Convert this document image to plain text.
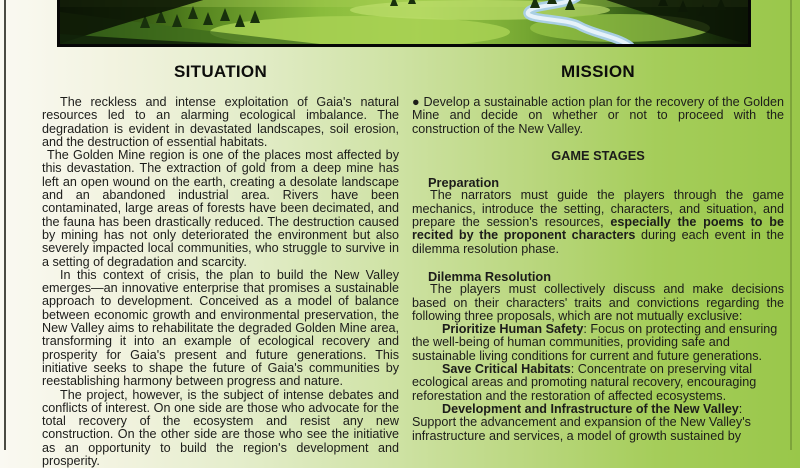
SITUATION

The reckless and intense exploitation of Gaia's natural resources led to an alarming ecological imbalance. The degradation is evident in devastated landscapes, soil erosion, and the destruction of essential habitats.

The Golden Mine region is one of the places most affected by this devastation. The extraction of gold from a deep mine has left an open wound on the earth, creating a desolate landscape and an abandoned industrial area. Rivers have been contaminated, large areas of forests have been decimated, and the fauna has been drastically reduced. The destruction caused by mining has not only deteriorated the environment but also severely impacted local communities, who struggle to survive in a setting of degradation and scarcity.

In this context of crisis, the plan to build the New Valley emerges—an innovative enterprise that promises a sustainable approach to development. Conceived as a model of balance between economic growth and environmental preservation, the New Valley aims to rehabilitate the degraded Golden Mine area, transforming it into an example of ecological recovery and prosperity for Gaia's present and future generations. This initiative seeks to shape the future of Gaia's communities by reestablishing harmony between progress and nature.

The project, however, is the subject of intense debates and conflicts of interest. On one side are those who advocate for the total recovery of the ecosystem and resist any new construction. On the other side are those who see the initiative as an opportunity to build the region's development and prosperity.

MISSION

● Develop a sustainable action plan for the recovery of the Golden Mine and decide on whether or not to proceed with the construction of the New Valley.

GAME STAGES

Preparation

The narrators must guide the players through the game mechanics, introduce the setting, characters, and situation, and prepare the session's resources, especially the poems to be recited by the proponent characters during each event in the dilemma resolution phase.

Dilemma Resolution

The players must collectively discuss and make decisions based on their characters' traits and convictions regarding the following three proposals, which are not mutually exclusive:

Prioritize Human Safety: Focus on protecting and ensuring the well-being of human communities, providing safe and sustainable living conditions for current and future generations.

Save Critical Habitats: Concentrate on preserving vital ecological areas and promoting natural recovery, encouraging reforestation and the restoration of affected ecosystems.

Development and Infrastructure of the New Valley: Support the advancement and expansion of the New Valley's infrastructure and services, a model of growth sustained by
